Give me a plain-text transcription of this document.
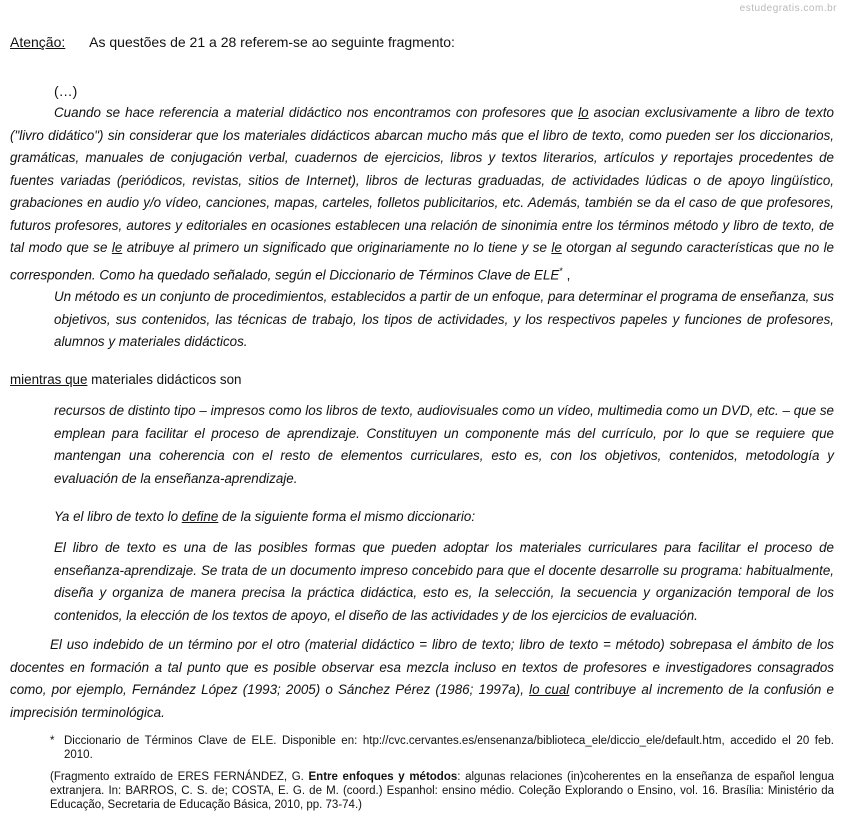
estudegratis.com.br
Atenção: As questões de 21 a 28 referem-se ao seguinte fragmento:
(…)
Cuando se hace referencia a material didáctico nos encontramos con profesores que lo asocian exclusivamente a libro de texto ("livro didático") sin considerar que los materiales didácticos abarcan mucho más que el libro de texto, como pueden ser los diccionarios, gramáticas, manuales de conjugación verbal, cuadernos de ejercicios, libros y textos literarios, artículos y reportajes procedentes de fuentes variadas (periódicos, revistas, sitios de Internet), libros de lecturas graduadas, de actividades lúdicas o de apoyo lingüístico, grabaciones en audio y/o vídeo, canciones, mapas, carteles, folletos publicitarios, etc. Además, también se da el caso de que profesores, futuros profesores, autores y editoriales en ocasiones establecen una relación de sinonimia entre los términos método y libro de texto, de tal modo que se le atribuye al primero un significado que originariamente no lo tiene y se le otorgan al segundo características que no le corresponden. Como ha quedado señalado, según el Diccionario de Términos Clave de ELE* ,
Un método es un conjunto de procedimientos, establecidos a partir de un enfoque, para determinar el programa de enseñanza, sus objetivos, sus contenidos, las técnicas de trabajo, los tipos de actividades, y los respectivos papeles y funciones de profesores, alumnos y materiales didácticos.
mientras que materiales didácticos son
recursos de distinto tipo – impresos como los libros de texto, audiovisuales como un vídeo, multimedia como un DVD, etc. – que se emplean para facilitar el proceso de aprendizaje. Constituyen un componente más del currículo, por lo que se requiere que mantengan una coherencia con el resto de elementos curriculares, esto es, con los objetivos, contenidos, metodología y evaluación de la enseñanza-aprendizaje.
Ya el libro de texto lo define de la siguiente forma el mismo diccionario:
El libro de texto es una de las posibles formas que pueden adoptar los materiales curriculares para facilitar el proceso de enseñanza-aprendizaje. Se trata de un documento impreso concebido para que el docente desarrolle su programa: habitualmente, diseña y organiza de manera precisa la práctica didáctica, esto es, la selección, la secuencia y organización temporal de los contenidos, la elección de los textos de apoyo, el diseño de las actividades y de los ejercicios de evaluación.
El uso indebido de un término por el otro (material didáctico = libro de texto; libro de texto = método) sobrepasa el ámbito de los docentes en formación a tal punto que es posible observar esa mezcla incluso en textos de profesores e investigadores consagrados como, por ejemplo, Fernández López (1993; 2005) o Sánchez Pérez (1986; 1997a), lo cual contribuye al incremento de la confusión e imprecisión terminológica.
* Diccionario de Términos Clave de ELE. Disponible en: htp://cvc.cervantes.es/ensenanza/biblioteca_ele/diccio_ele/default.htm, accedido el 20 feb. 2010.
(Fragmento extraído de ERES FERNÁNDEZ, G. Entre enfoques y métodos: algunas relaciones (in)coherentes en la enseñanza de español lengua extranjera. In: BARROS, C. S. de; COSTA, E. G. de M. (coord.) Espanhol: ensino médio. Coleção Explorando o Ensino, vol. 16. Brasília: Ministério da Educação, Secretaria de Educação Básica, 2010, pp. 73-74.)
